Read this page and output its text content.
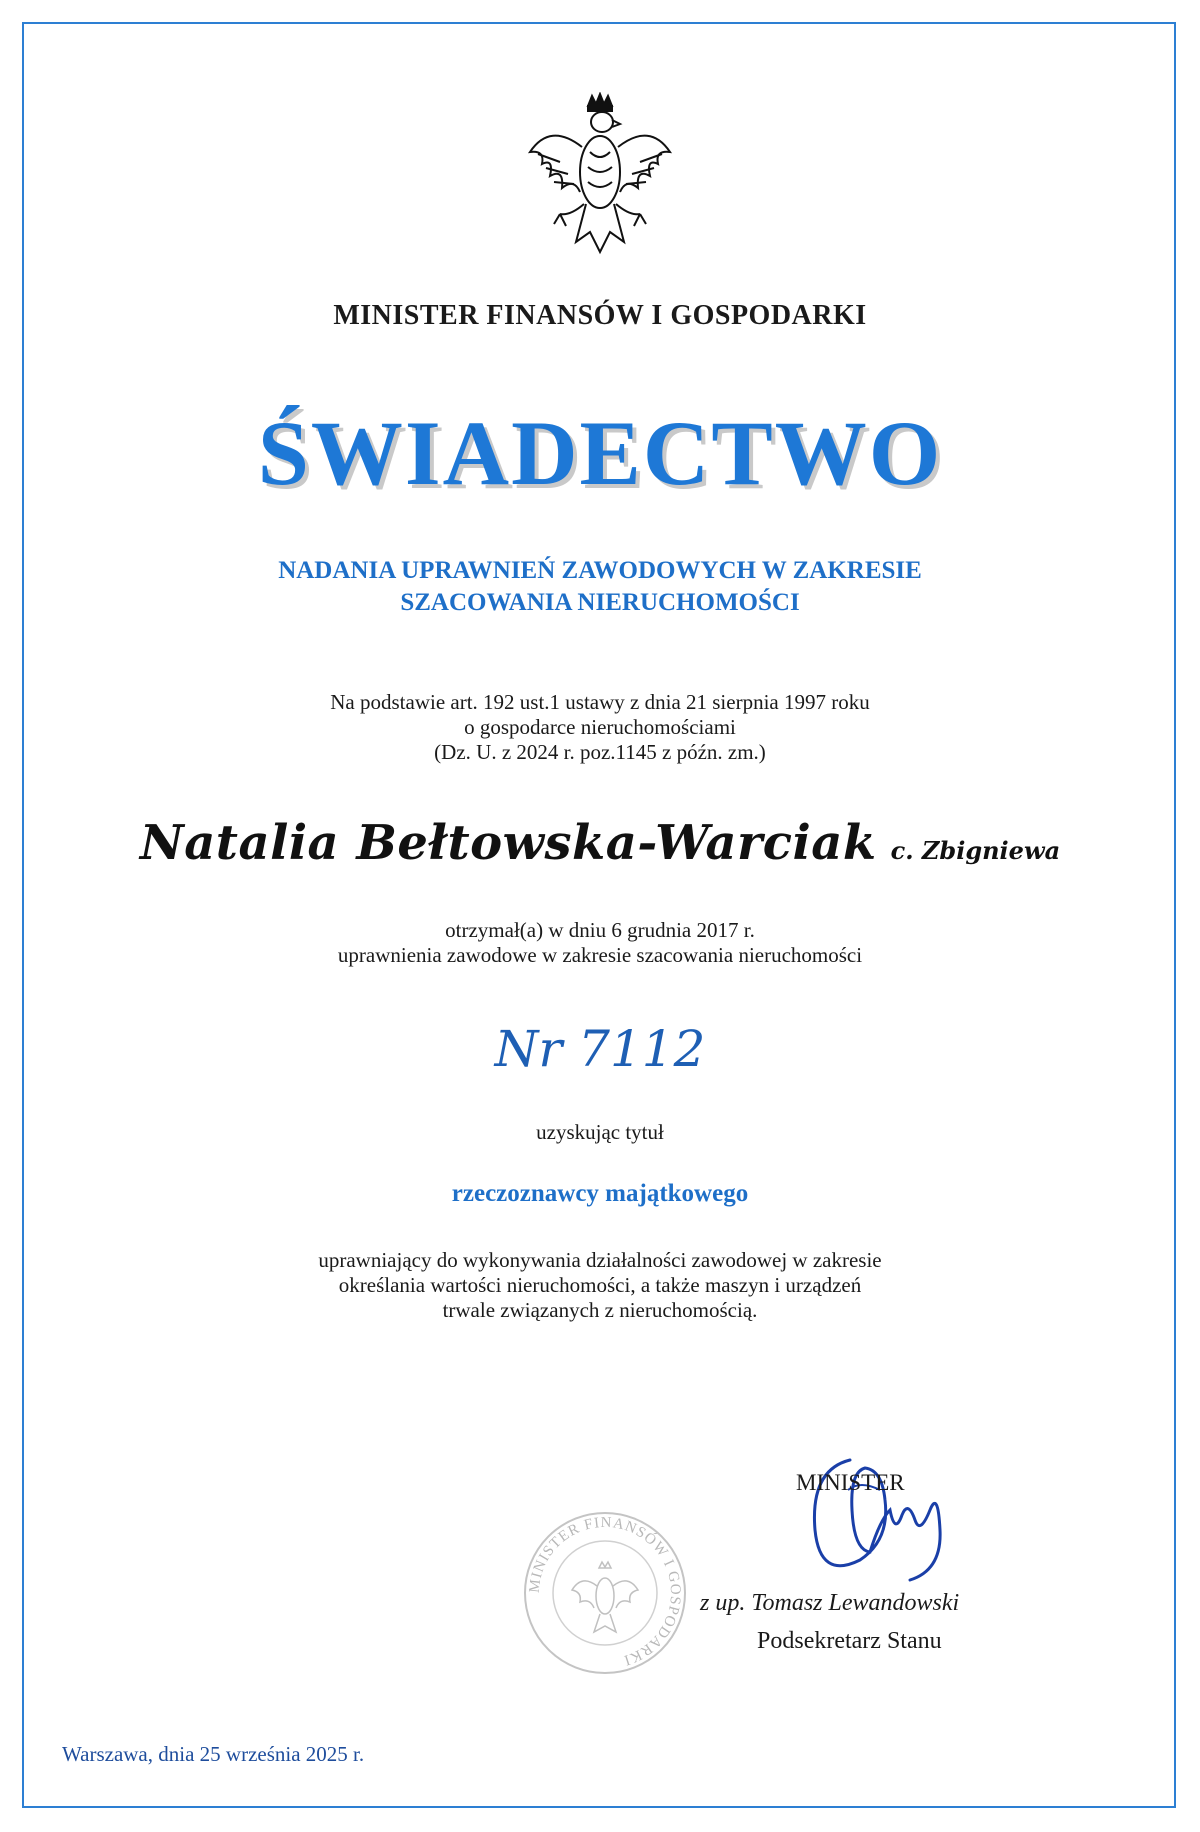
MINISTER FINANSÓW I GOSPODARKI
ŚWIADECTWO
NADANIA UPRAWNIEŃ ZAWODOWYCH W ZAKRESIE
SZACOWANIA NIERUCHOMOŚCI
Na podstawie art. 192 ust.1 ustawy z dnia 21 sierpnia 1997 roku
o gospodarce nieruchomościami
(Dz. U. z 2024 r. poz.1145 z późn. zm.)
Natalia Bełtowska-Warciak c. Zbigniewa
otrzymał(a) w dniu 6 grudnia 2017 r.
uprawnienia zawodowe w zakresie szacowania nieruchomości
Nr 7112
uzyskując tytuł
rzeczoznawcy majątkowego
uprawniający do wykonywania działalności zawodowej w zakresie
określania wartości nieruchomości, a także maszyn i urządzeń
trwale związanych z nieruchomością.
MINISTER FINANSÓW I GOSPODARKI
MINISTER
z up. Tomasz Lewandowski
Podsekretarz Stanu
Warszawa, dnia 25 września 2025 r.
